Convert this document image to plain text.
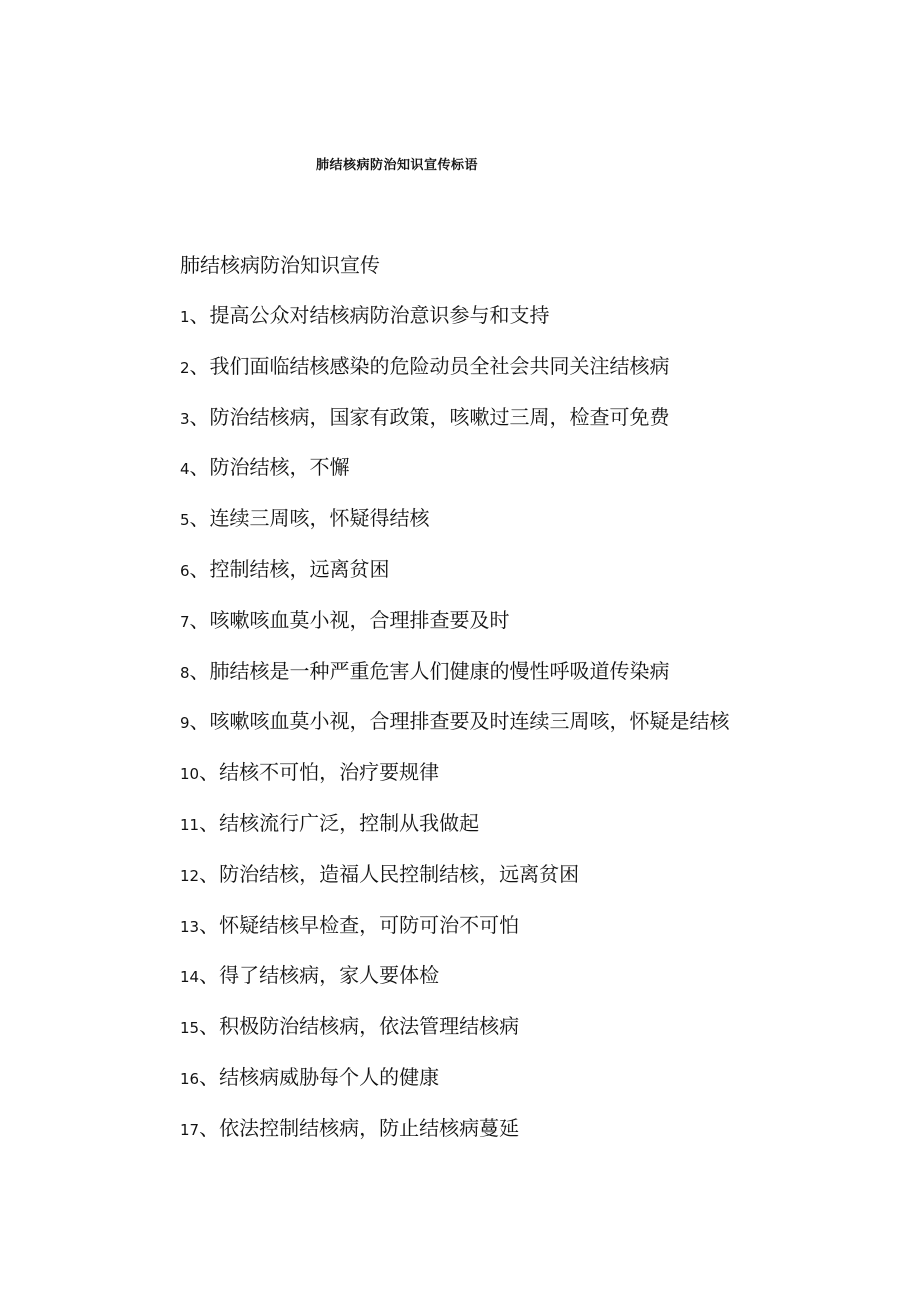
肺结核病防治知识宣传标语
肺结核病防治知识宣传
1、提高公众对结核病防治意识参与和支持
2、我们面临结核感染的危险动员全社会共同关注结核病
3、防治结核病，国家有政策，咳嗽过三周，检查可免费
4、防治结核，不懈
5、连续三周咳，怀疑得结核
6、控制结核，远离贫困
7、咳嗽咳血莫小视，合理排查要及时
8、肺结核是一种严重危害人们健康的慢性呼吸道传染病
9、咳嗽咳血莫小视，合理排查要及时连续三周咳，怀疑是结核
10、结核不可怕，治疗要规律
11、结核流行广泛，控制从我做起
12、防治结核，造福人民控制结核，远离贫困
13、怀疑结核早检查，可防可治不可怕
14、得了结核病，家人要体检
15、积极防治结核病，依法管理结核病
16、结核病威胁每个人的健康
17、依法控制结核病，防止结核病蔓延
